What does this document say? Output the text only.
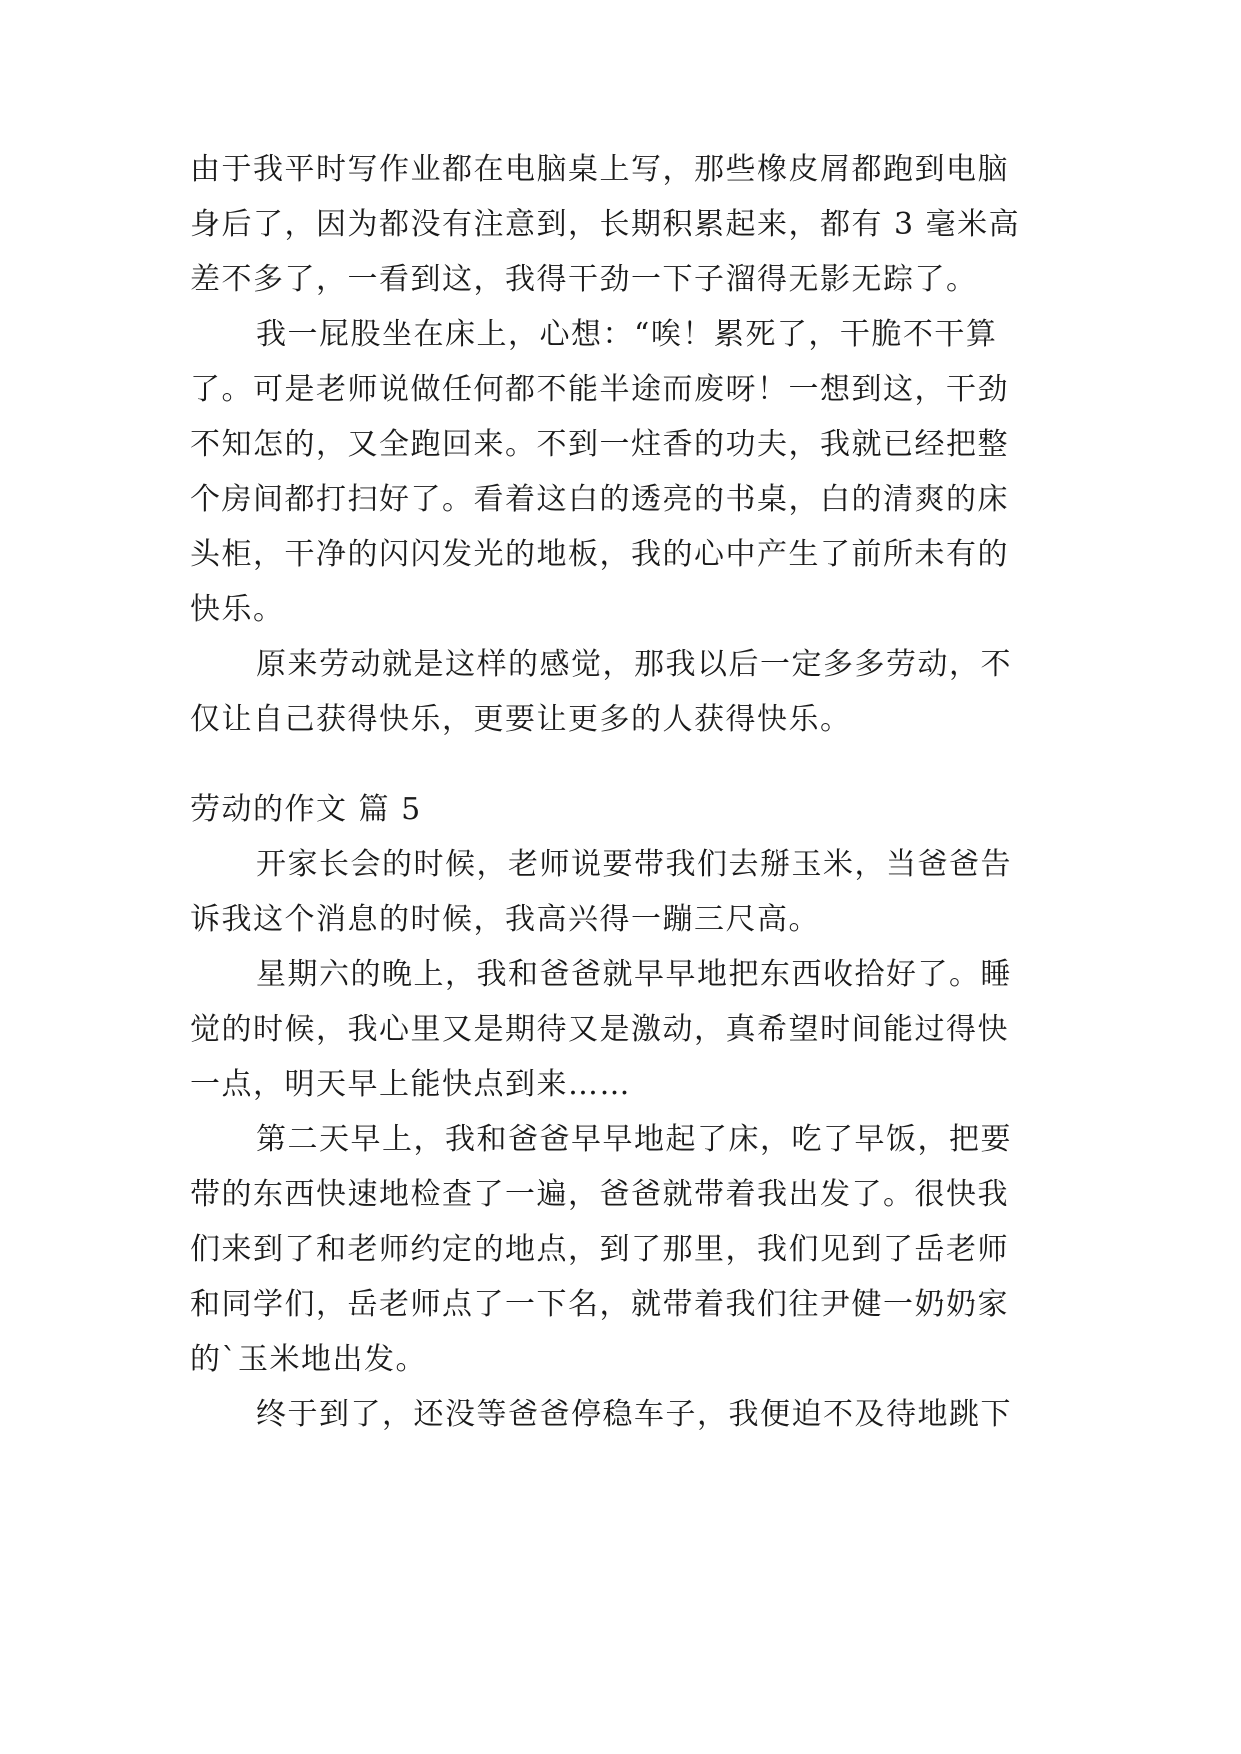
由于我平时写作业都在电脑桌上写，那些橡皮屑都跑到电脑
身后了，因为都没有注意到，长期积累起来，都有 3 毫米高
差不多了，一看到这，我得干劲一下子溜得无影无踪了。
我一屁股坐在床上，心想：“唉！累死了，干脆不干算
了。可是老师说做任何都不能半途而废呀！一想到这，干劲
不知怎的，又全跑回来。不到一炷香的功夫，我就已经把整
个房间都打扫好了。看着这白的透亮的书桌，白的清爽的床
头柜，干净的闪闪发光的地板，我的心中产生了前所未有的
快乐。
原来劳动就是这样的感觉，那我以后一定多多劳动，不
仅让自己获得快乐，更要让更多的人获得快乐。
劳动的作文 篇 5
开家长会的时候，老师说要带我们去掰玉米，当爸爸告
诉我这个消息的时候，我高兴得一蹦三尺高。
星期六的晚上，我和爸爸就早早地把东西收拾好了。睡
觉的时候，我心里又是期待又是激动，真希望时间能过得快
一点，明天早上能快点到来……
第二天早上，我和爸爸早早地起了床，吃了早饭，把要
带的东西快速地检查了一遍，爸爸就带着我出发了。很快我
们来到了和老师约定的地点，到了那里，我们见到了岳老师
和同学们，岳老师点了一下名，就带着我们往尹健一奶奶家
的`玉米地出发。
终于到了，还没等爸爸停稳车子，我便迫不及待地跳下
